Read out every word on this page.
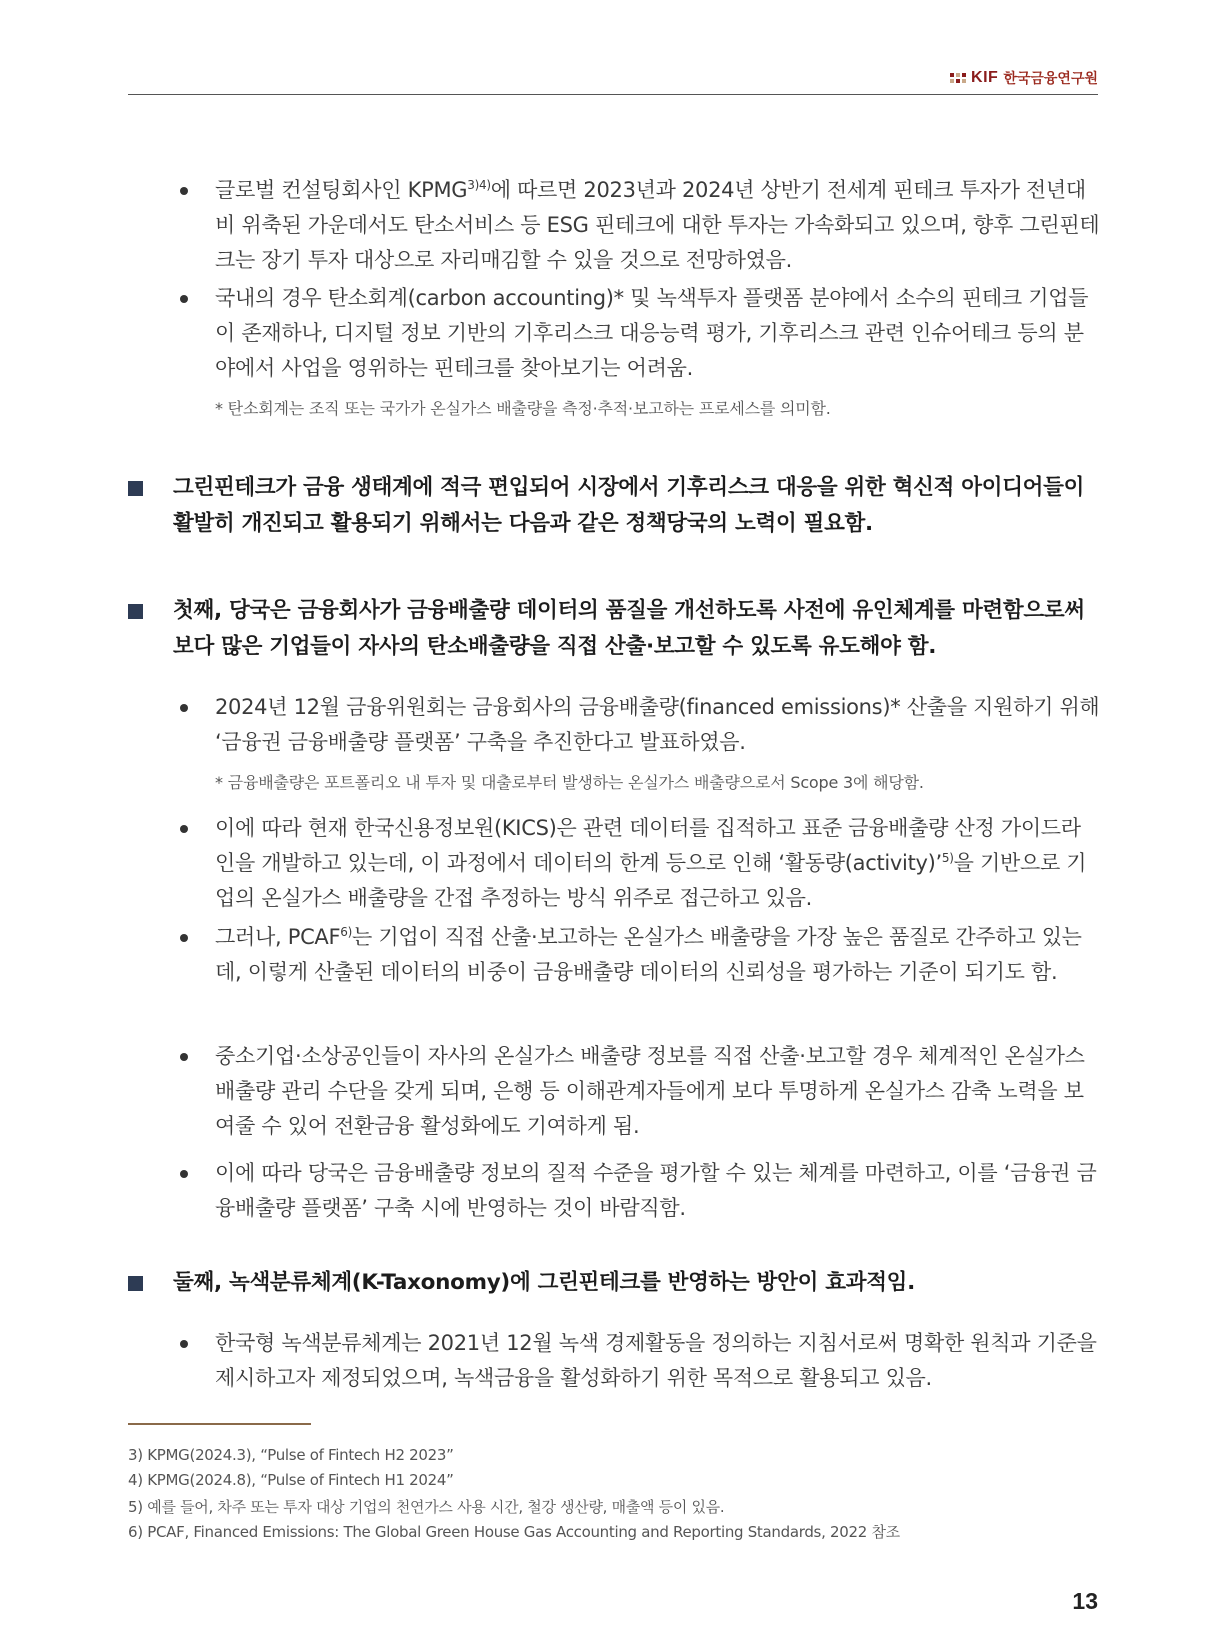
KIF 한국금융연구원
글로벌 컨설팅회사인 $KPMG^{3)4)}$에 따르면 2023년과 2024년 상반기 전세계 핀테크 투자가 전년대비 위축된 가운데서도 탄소서비스 등 ESG 핀테크에 대한 투자는 가속화되고 있으며, 향후 그린핀테크는 장기 투자 대상으로 자리매김할 수 있을 것으로 전망하였음.
국내의 경우 탄소회계(carbon accounting)* 및 녹색투자 플랫폼 분야에서 소수의 핀테크 기업들이 존재하나, 디지털 정보 기반의 기후리스크 대응능력 평가, 기후리스크 관련 인슈어테크 등의 분야에서 사업을 영위하는 핀테크를 찾아보기는 어려움.
* 탄소회계는 조직 또는 국가가 온실가스 배출량을 측정·추적·보고하는 프로세스를 의미함.
그린핀테크가 금융 생태계에 적극 편입되어 시장에서 기후리스크 대응을 위한 혁신적 아이디어들이 활발히 개진되고 활용되기 위해서는 다음과 같은 정책당국의 노력이 필요함.
첫째, 당국은 금융회사가 금융배출량 데이터의 품질을 개선하도록 사전에 유인체계를 마련함으로써 보다 많은 기업들이 자사의 탄소배출량을 직접 산출·보고할 수 있도록 유도해야 함.
2024년 12월 금융위원회는 금융회사의 금융배출량(financed emissions)* 산출을 지원하기 위해 ‘금융권 금융배출량 플랫폼’ 구축을 추진한다고 발표하였음.
* 금융배출량은 포트폴리오 내 투자 및 대출로부터 발생하는 온실가스 배출량으로서 Scope 3에 해당함.
이에 따라 현재 한국신용정보원(KICS)은 관련 데이터를 집적하고 표준 금융배출량 산정 가이드라인을 개발하고 있는데, 이 과정에서 데이터의 한계 등으로 인해 ‘활동량(activity)’$^{5)}$을 기반으로 기업의 온실가스 배출량을 간접 추정하는 방식 위주로 접근하고 있음.
그러나, PCAF$^{6)}$는 기업이 직접 산출·보고하는 온실가스 배출량을 가장 높은 품질로 간주하고 있는데, 이렇게 산출된 데이터의 비중이 금융배출량 데이터의 신뢰성을 평가하는 기준이 되기도 함.
중소기업·소상공인들이 자사의 온실가스 배출량 정보를 직접 산출·보고할 경우 체계적인 온실가스 배출량 관리 수단을 갖게 되며, 은행 등 이해관계자들에게 보다 투명하게 온실가스 감축 노력을 보여줄 수 있어 전환금융 활성화에도 기여하게 됨.
이에 따라 당국은 금융배출량 정보의 질적 수준을 평가할 수 있는 체계를 마련하고, 이를 ‘금융권 금융배출량 플랫폼’ 구축 시에 반영하는 것이 바람직함.
둘째, 녹색분류체계(K-Taxonomy)에 그린핀테크를 반영하는 방안이 효과적임.
한국형 녹색분류체계는 2021년 12월 녹색 경제활동을 정의하는 지침서로써 명확한 원칙과 기준을 제시하고자 제정되었으며, 녹색금융을 활성화하기 위한 목적으로 활용되고 있음.
3) KPMG(2024.3), “Pulse of Fintech H2 2023”
4) KPMG(2024.8), “Pulse of Fintech H1 2024”
5) 예를 들어, 차주 또는 투자 대상 기업의 천연가스 사용 시간, 철강 생산량, 매출액 등이 있음.
6) PCAF, Financed Emissions: The Global Green House Gas Accounting and Reporting Standards, 2022 참조
13
